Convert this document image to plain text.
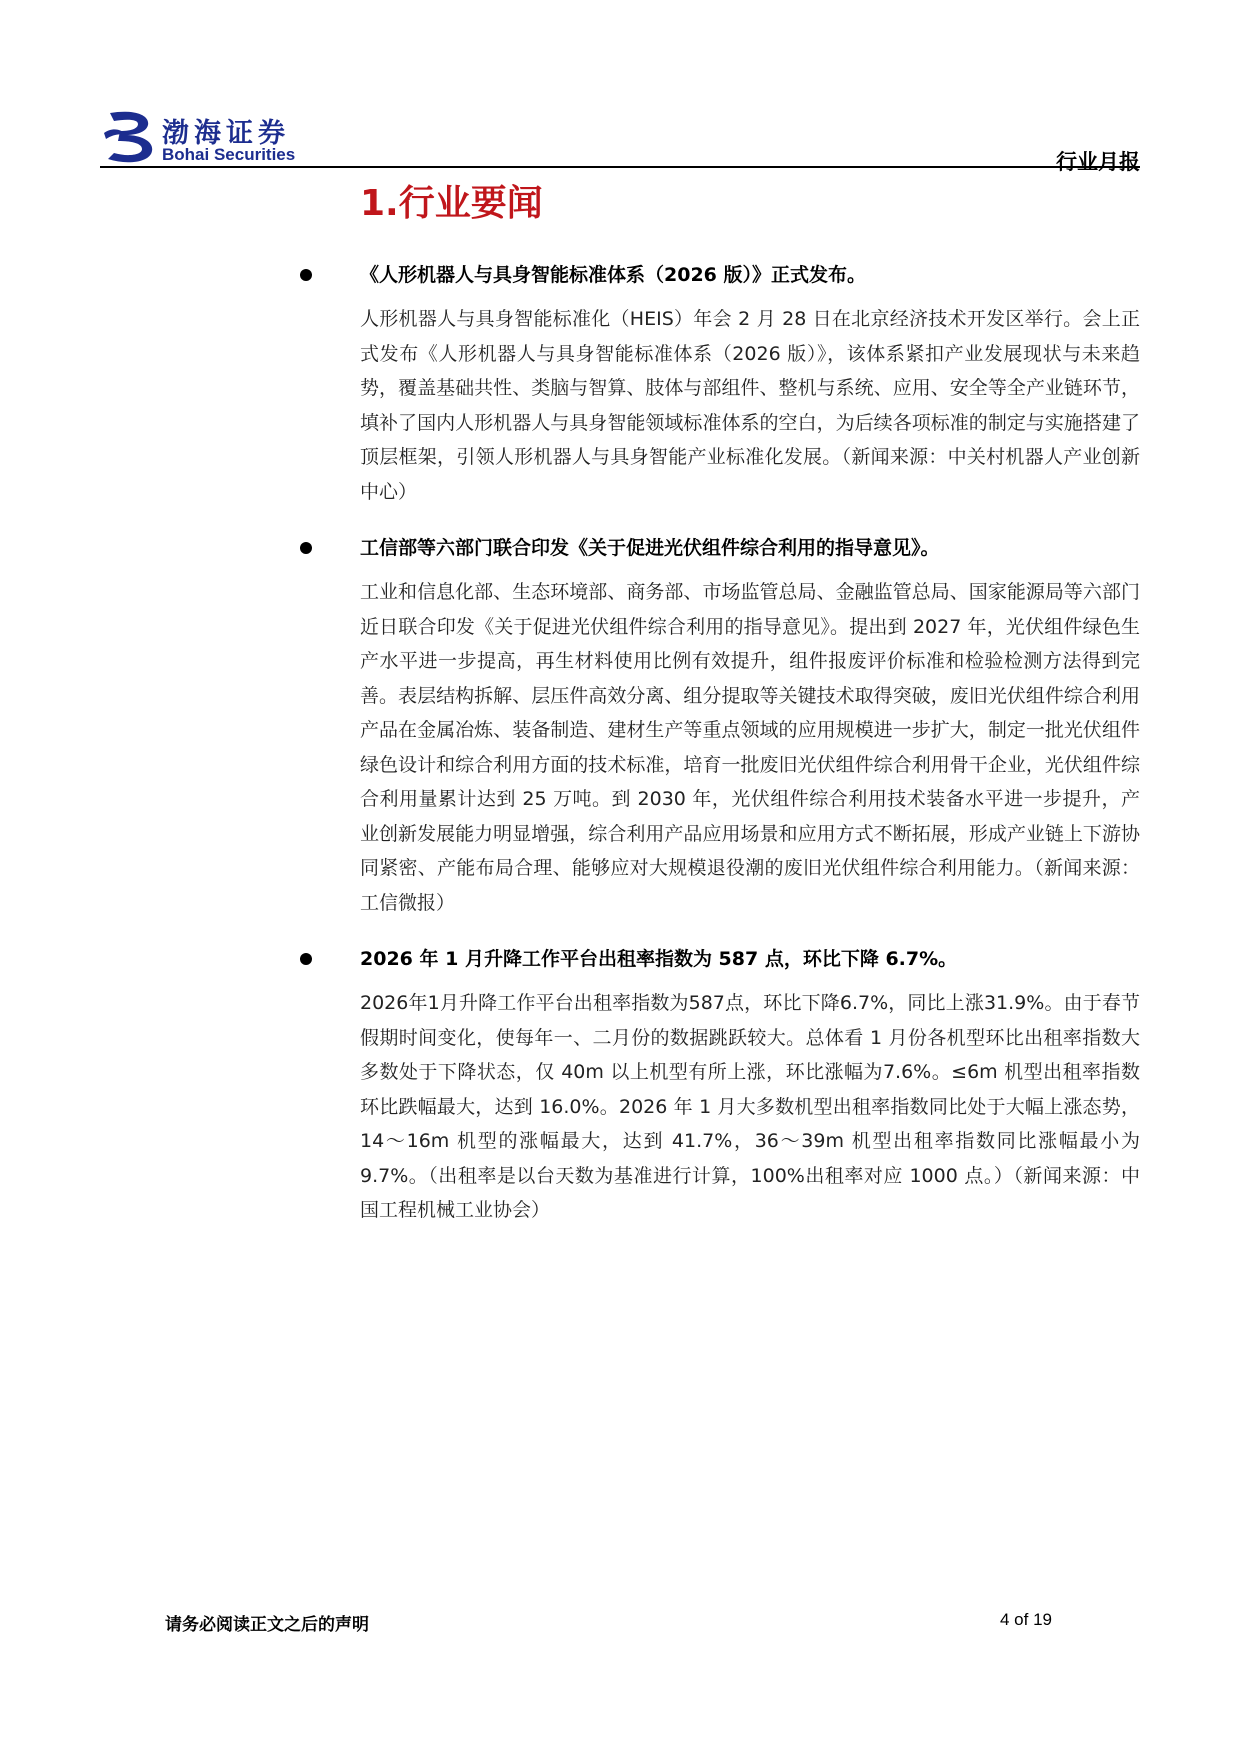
渤海证券
Bohai Securities	行业月报
1.行业要闻
《人形机器人与具身智能标准体系（2026 版）》正式发布。
人形机器人与具身智能标准化（HEIS）年会 2 月 28 日在北京经济技术开发区举行。会上正式发布《人形机器人与具身智能标准体系（2026 版）》，该体系紧扣产业发展现状与未来趋势，覆盖基础共性、类脑与智算、肢体与部组件、整机与系统、应用、安全等全产业链环节，填补了国内人形机器人与具身智能领域标准体系的空白，为后续各项标准的制定与实施搭建了顶层框架，引领人形机器人与具身智能产业标准化发展。（新闻来源：中关村机器人产业创新中心）
工信部等六部门联合印发《关于促进光伏组件综合利用的指导意见》。
工业和信息化部、生态环境部、商务部、市场监管总局、金融监管总局、国家能源局等六部门近日联合印发《关于促进光伏组件综合利用的指导意见》。提出到 2027 年，光伏组件绿色生产水平进一步提高，再生材料使用比例有效提升，组件报废评价标准和检验检测方法得到完善。表层结构拆解、层压件高效分离、组分提取等关键技术取得突破，废旧光伏组件综合利用产品在金属冶炼、装备制造、建材生产等重点领域的应用规模进一步扩大，制定一批光伏组件绿色设计和综合利用方面的技术标准，培育一批废旧光伏组件综合利用骨干企业，光伏组件综合利用量累计达到 25 万吨。到 2030 年，光伏组件综合利用技术装备水平进一步提升，产业创新发展能力明显增强，综合利用产品应用场景和应用方式不断拓展，形成产业链上下游协同紧密、产能布局合理、能够应对大规模退役潮的废旧光伏组件综合利用能力。（新闻来源：工信微报）
2026 年 1 月升降工作平台出租率指数为 587 点，环比下降 6.7%。
2026年1月升降工作平台出租率指数为587点，环比下降6.7%，同比上涨31.9%。由于春节假期时间变化，使每年一、二月份的数据跳跃较大。总体看 1 月份各机型环比出租率指数大多数处于下降状态，仅 40m 以上机型有所上涨，环比涨幅为7.6%。≤6m 机型出租率指数环比跌幅最大，达到 16.0%。2026 年 1 月大多数机型出租率指数同比处于大幅上涨态势，14～16m 机型的涨幅最大，达到 41.7%，36～39m 机型出租率指数同比涨幅最小为 9.7%。（出租率是以台天数为基准进行计算，100%出租率对应 1000 点。）（新闻来源：中国工程机械工业协会）
请务必阅读正文之后的声明	4 of 19
